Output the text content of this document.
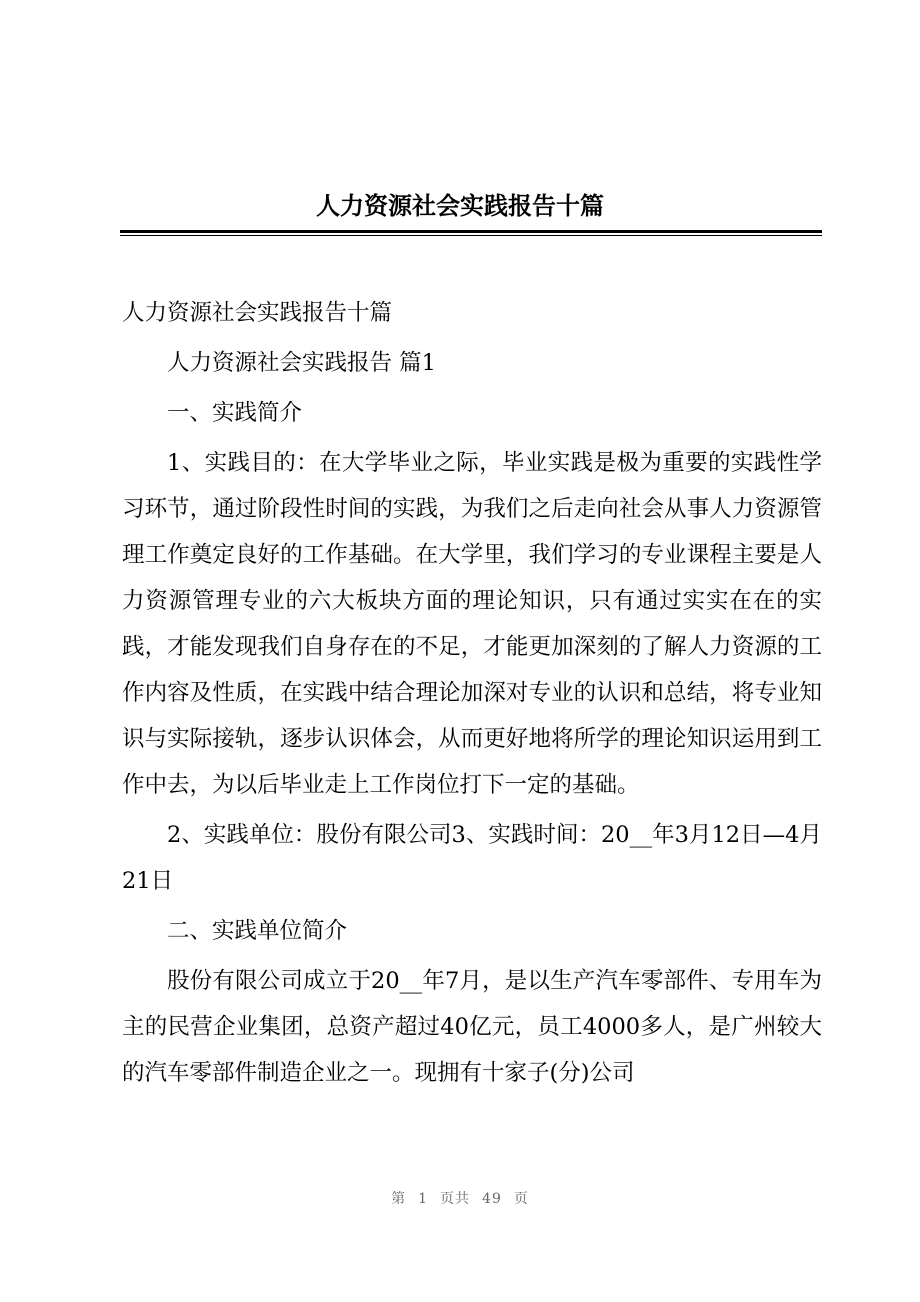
人力资源社会实践报告十篇

人力资源社会实践报告十篇

人力资源社会实践报告 篇1

一、实践简介

1、实践目的：在大学毕业之际，毕业实践是极为重要的实践性学习环节，通过阶段性时间的实践，为我们之后走向社会从事人力资源管理工作奠定良好的工作基础。在大学里，我们学习的专业课程主要是人力资源管理专业的六大板块方面的理论知识，只有通过实实在在的实践，才能发现我们自身存在的不足，才能更加深刻的了解人力资源的工作内容及性质，在实践中结合理论加深对专业的认识和总结，将专业知识与实际接轨，逐步认识体会，从而更好地将所学的理论知识运用到工作中去，为以后毕业走上工作岗位打下一定的基础。

2、实践单位：股份有限公司3、实践时间：20__年3月12日—4月21日

二、实践单位简介

股份有限公司成立于20__年7月，是以生产汽车零部件、专用车为主的民营企业集团，总资产超过40亿元，员工4000多人，是广州较大的汽车零部件制造企业之一。现拥有十家子(分)公司

第 1 页共 49 页
